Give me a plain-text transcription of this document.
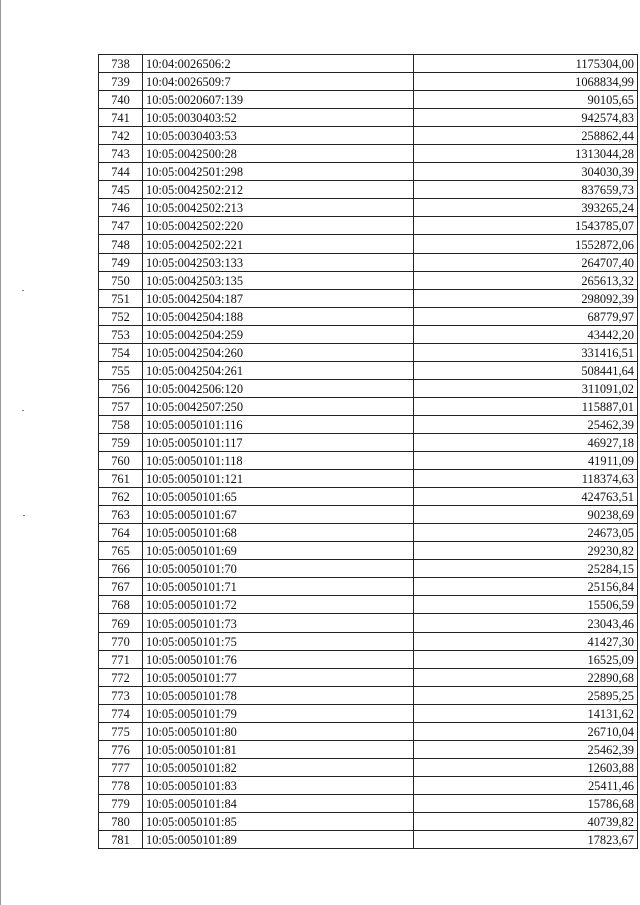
738	10:04:0026506:2	1175304,00
739	10:04:0026509:7	1068834,99
740	10:05:0020607:139	90105,65
741	10:05:0030403:52	942574,83
742	10:05:0030403:53	258862,44
743	10:05:0042500:28	1313044,28
744	10:05:0042501:298	304030,39
745	10:05:0042502:212	837659,73
746	10:05:0042502:213	393265,24
747	10:05:0042502:220	1543785,07
748	10:05:0042502:221	1552872,06
749	10:05:0042503:133	264707,40
750	10:05:0042503:135	265613,32
751	10:05:0042504:187	298092,39
752	10:05:0042504:188	68779,97
753	10:05:0042504:259	43442,20
754	10:05:0042504:260	331416,51
755	10:05:0042504:261	508441,64
756	10:05:0042506:120	311091,02
757	10:05:0042507:250	115887,01
758	10:05:0050101:116	25462,39
759	10:05:0050101:117	46927,18
760	10:05:0050101:118	41911,09
761	10:05:0050101:121	118374,63
762	10:05:0050101:65	424763,51
763	10:05:0050101:67	90238,69
764	10:05:0050101:68	24673,05
765	10:05:0050101:69	29230,82
766	10:05:0050101:70	25284,15
767	10:05:0050101:71	25156,84
768	10:05:0050101:72	15506,59
769	10:05:0050101:73	23043,46
770	10:05:0050101:75	41427,30
771	10:05:0050101:76	16525,09
772	10:05:0050101:77	22890,68
773	10:05:0050101:78	25895,25
774	10:05:0050101:79	14131,62
775	10:05:0050101:80	26710,04
776	10:05:0050101:81	25462,39
777	10:05:0050101:82	12603,88
778	10:05:0050101:83	25411,46
779	10:05:0050101:84	15786,68
780	10:05:0050101:85	40739,82
781	10:05:0050101:89	17823,67
